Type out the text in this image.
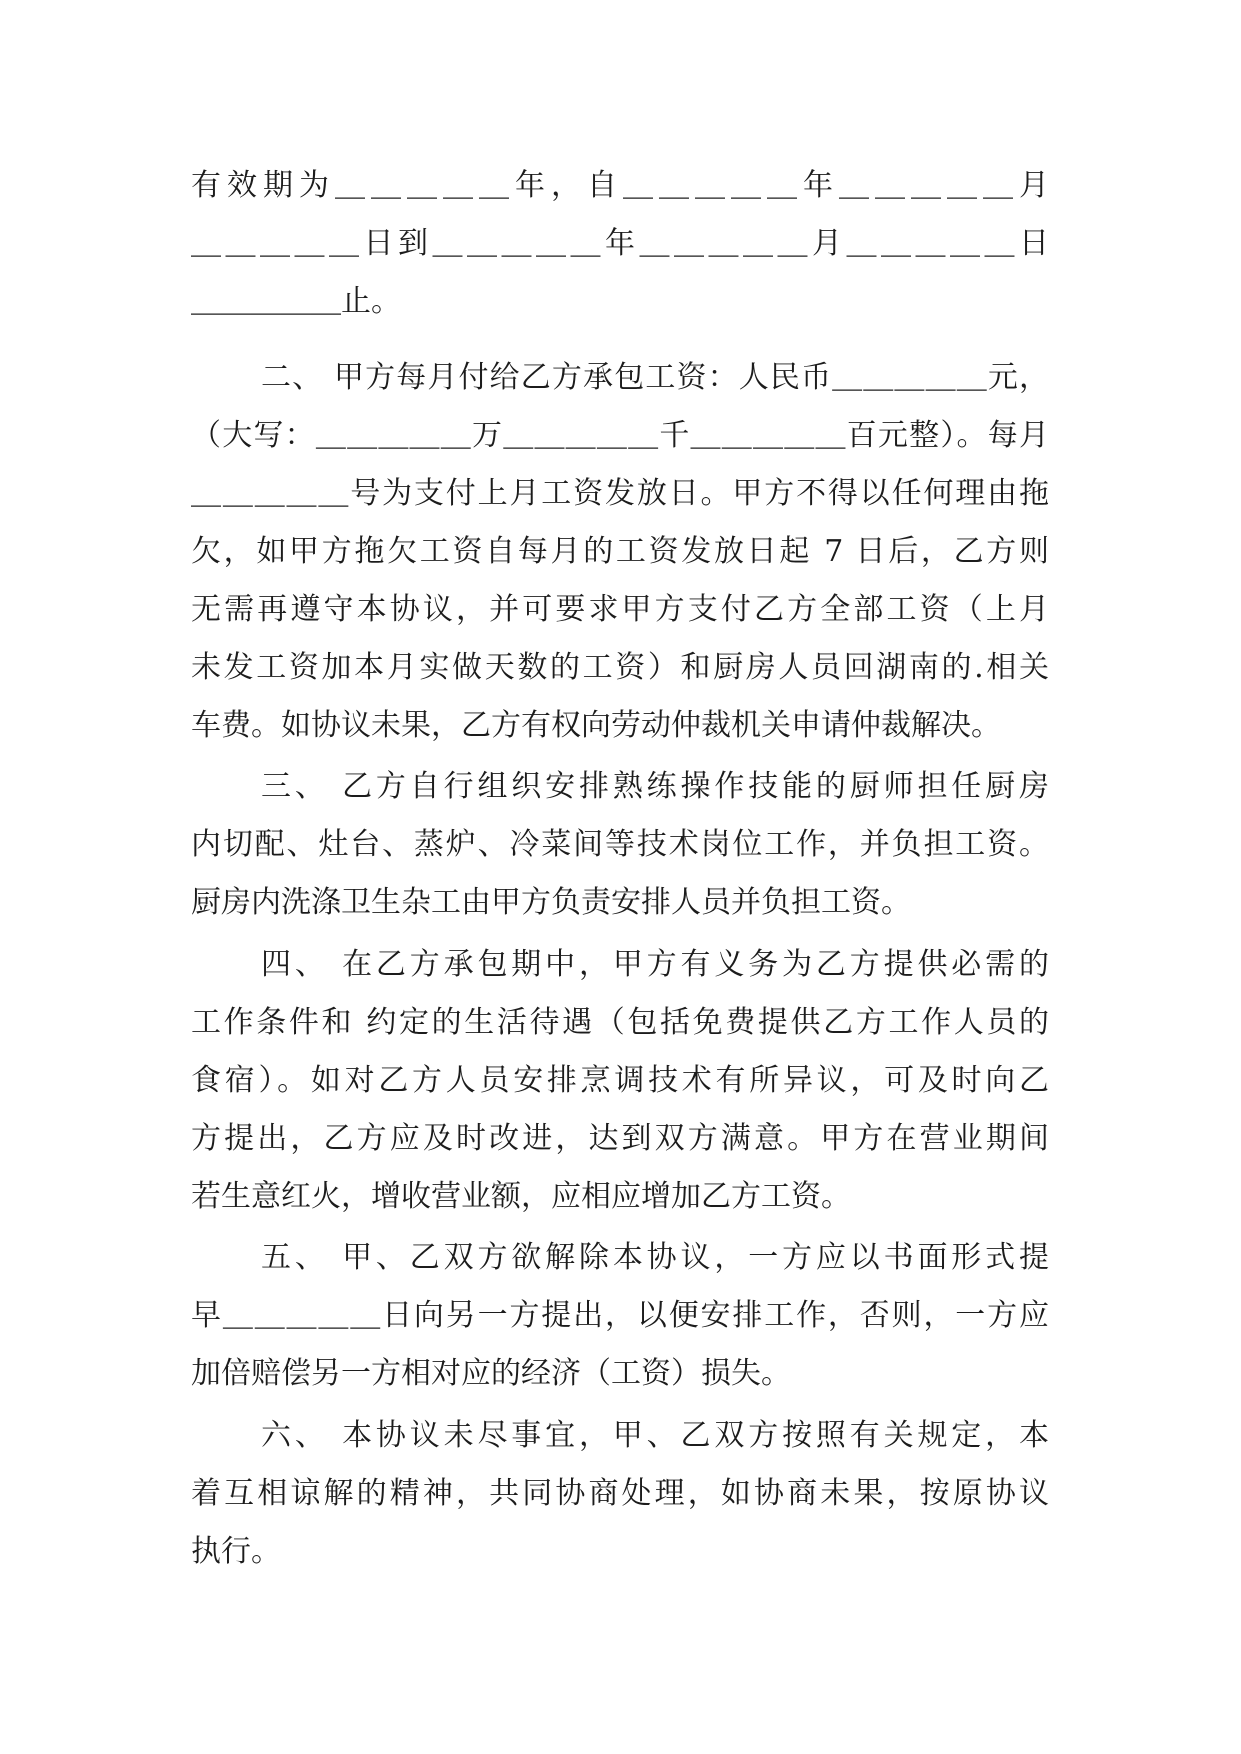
有效期为＿＿＿＿＿年，自＿＿＿＿＿年＿＿＿＿＿月
＿＿＿＿＿日到＿＿＿＿＿年＿＿＿＿＿月＿＿＿＿＿日
＿＿＿＿＿止。
二、 甲方每月付给乙方承包工资：人民币＿＿＿＿＿元，
（大写：＿＿＿＿＿万＿＿＿＿＿千＿＿＿＿＿百元整）。每月
＿＿＿＿＿号为支付上月工资发放日。甲方不得以任何理由拖
欠，如甲方拖欠工资自每月的工资发放日起 7 日后，乙方则
无需再遵守本协议，并可要求甲方支付乙方全部工资（上月
未发工资加本月实做天数的工资）和厨房人员回湖南的.相关
车费。如协议未果，乙方有权向劳动仲裁机关申请仲裁解决。
三、 乙方自行组织安排熟练操作技能的厨师担任厨房
内切配、灶台、蒸炉、冷菜间等技术岗位工作，并负担工资。
厨房内洗涤卫生杂工由甲方负责安排人员并负担工资。
四、 在乙方承包期中，甲方有义务为乙方提供必需的
工作条件和 约定的生活待遇（包括免费提供乙方工作人员的
食宿）。如对乙方人员安排烹调技术有所异议，可及时向乙
方提出，乙方应及时改进，达到双方满意。甲方在营业期间
若生意红火，增收营业额，应相应增加乙方工资。
五、 甲、乙双方欲解除本协议，一方应以书面形式提
早＿＿＿＿＿日向另一方提出，以便安排工作，否则，一方应
加倍赔偿另一方相对应的经济（工资）损失。
六、 本协议未尽事宜，甲、乙双方按照有关规定，本
着互相谅解的精神，共同协商处理，如协商未果，按原协议
执行。
